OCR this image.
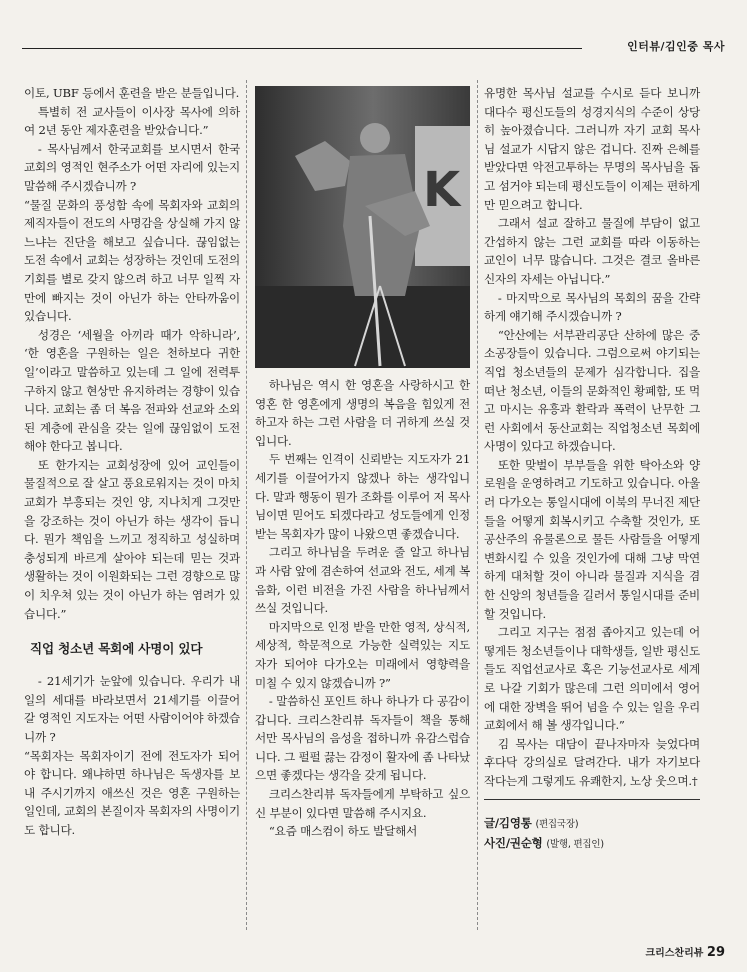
인터뷰/김인중 목사

이토, UBF 등에서 훈련을 받은 분들입니다.

특별히 전 교사들이 이사장 목사에 의하여 2년 동안 제자훈련을 받았습니다.”

- 목사님께서 한국교회를 보시면서 한국교회의 영적인 현주소가 어떤 자리에 있는지 말씀해 주시겠습니까 ?

“물질 문화의 풍성함 속에 목회자와 교회의 제직자들이 전도의 사명감을 상실해 가지 않느냐는 진단을 해보고 싶습니다. 끊임없는 도전 속에서 교회는 성장하는 것인데 도전의 기회를 별로 갖지 않으려 하고 너무 일찍 자만에 빠지는 것이 아닌가 하는 안타까움이 있습니다.

성경은 ‘세월을 아끼라 때가 악하니라’, ‘한 영혼을 구원하는 일은 천하보다 귀한 일’이라고 말씀하고 있는데 그 일에 전력투구하지 않고 현상만 유지하려는 경향이 있습니다. 교회는 좀 더 복음 전파와 선교와 소외된 계층에 관심을 갖는 일에 끊임없이 도전해야 한다고 봅니다.

또 한가지는 교회성장에 있어 교인들이 물질적으로 잘 살고 풍요로워지는 것이 마치 교회가 부흥되는 것인 양, 지나치게 그것만을 강조하는 것이 아닌가 하는 생각이 듭니다. 뭔가 책임을 느끼고 정직하고 성실하며 충성되게 바르게 살아야 되는데 믿는 것과 생활하는 것이 이원화되는 그런 경향으로 많이 치우쳐 있는 것이 아닌가 하는 염려가 있습니다.”

직업 청소년 목회에 사명이 있다

- 21세기가 눈앞에 있습니다. 우리가 내일의 세대를 바라보면서 21세기를 이끌어 갈 영적인 지도자는 어떤 사람이어야 하겠습니까 ?

“목회자는 목회자이기 전에 전도자가 되어야 합니다. 왜냐하면 하나님은 독생자를 보내 주시기까지 애쓰신 것은 영혼 구원하는 일인데, 교회의 본질이자 목회자의 사명이기도 합니다.

K

하나님은 역시 한 영혼을 사랑하시고 한 영혼 한 영혼에게 생명의 복음을 힘있게 전하고자 하는 그런 사람을 더 귀하게 쓰실 것입니다.

두 번째는 인격이 신뢰받는 지도자가 21세기를 이끌어가지 않겠나 하는 생각입니다. 말과 행동이 뭔가 조화를 이루어 저 목사님이면 믿어도 되겠다라고 성도들에게 인정받는 목회자가 많이 나왔으면 좋겠습니다.

그리고 하나님을 두려운 줄 알고 하나님과 사람 앞에 겸손하여 선교와 전도, 세계 복음화, 이런 비전을 가진 사람을 하나님께서 쓰실 것입니다.

마지막으로 인정 받을 만한 영적, 상식적, 세상적, 학문적으로 가능한 실력있는 지도자가 되어야 다가오는 미래에서 영향력을 미칠 수 있지 않겠습니까 ?”

- 말씀하신 포인트 하나 하나가 다 공감이 갑니다. 크리스찬리뷰 독자들이 책을 통해서만 목사님의 음성을 접하니까 유감스럽습니다. 그 펄펄 끓는 감정이 활자에 좀 나타났으면 좋겠다는 생각을 갖게 됩니다.

크리스찬리뷰 독자들에게 부탁하고 싶으신 부분이 있다면 말씀해 주시지요.

“요즘 매스컴이 하도 발달해서

유명한 목사님 설교를 수시로 듣다 보니까 대다수 평신도들의 성경지식의 수준이 상당히 높아졌습니다. 그러니까 자기 교회 목사님 설교가 시답지 않은 겁니다. 진짜 은혜를 받았다면 악전고투하는 무명의 목사님을 돕고 섬거야 되는데 평신도들이 이제는 편하게만 믿으려고 합니다.

그래서 설교 잘하고 물질에 부담이 없고 간섭하지 않는 그런 교회를 따라 이동하는 교인이 너무 많습니다. 그것은 결코 올바른 신자의 자세는 아닙니다.”

- 마지막으로 목사님의 목회의 꿈을 간략하게 얘기해 주시겠습니까 ?

“안산에는 서부관리공단 산하에 많은 중소공장들이 있습니다. 그럼으로써 야기되는 직업 청소년들의 문제가 심각합니다. 집을 떠난 청소년, 이들의 문화적인 황폐함, 또 먹고 마시는 유흥과 환락과 폭력이 난무한 그런 사회에서 동산교회는 직업청소년 목회에 사명이 있다고 하겠습니다.

또한 맞벌이 부부들을 위한 탁아소와 양로원을 운영하려고 기도하고 있습니다. 아울러 다가오는 통일시대에 이북의 무너진 제단들을 어떻게 회복시키고 수축할 것인가, 또 공산주의 유물론으로 물든 사람들을 어떻게 변화시킬 수 있을 것인가에 대해 그냥 막연하게 대처할 것이 아니라 물질과 지식을 겸한 신앙의 청년들을 길러서 통일시대를 준비할 것입니다.

그리고 지구는 점점 좁아지고 있는데 어떻게든 청소년들이나 대학생들, 일반 평신도들도 직업선교사로 혹은 기능선교사로 세계로 나갈 기회가 많은데 그런 의미에서 영어에 대한 장벽을 뛰어 넘을 수 있는 일을 우리교회에서 해 볼 생각입니다.”

김 목사는 대담이 끝나자마자 늦었다며 후다닥 강의실로 달려간다. 내가 자기보다 작다는게 그렇게도 유쾌한지, 노상 웃으며.†

글/김영통 (편집국장)
사진/권순형 (발행, 편집인)
크리스찬리뷰 29
